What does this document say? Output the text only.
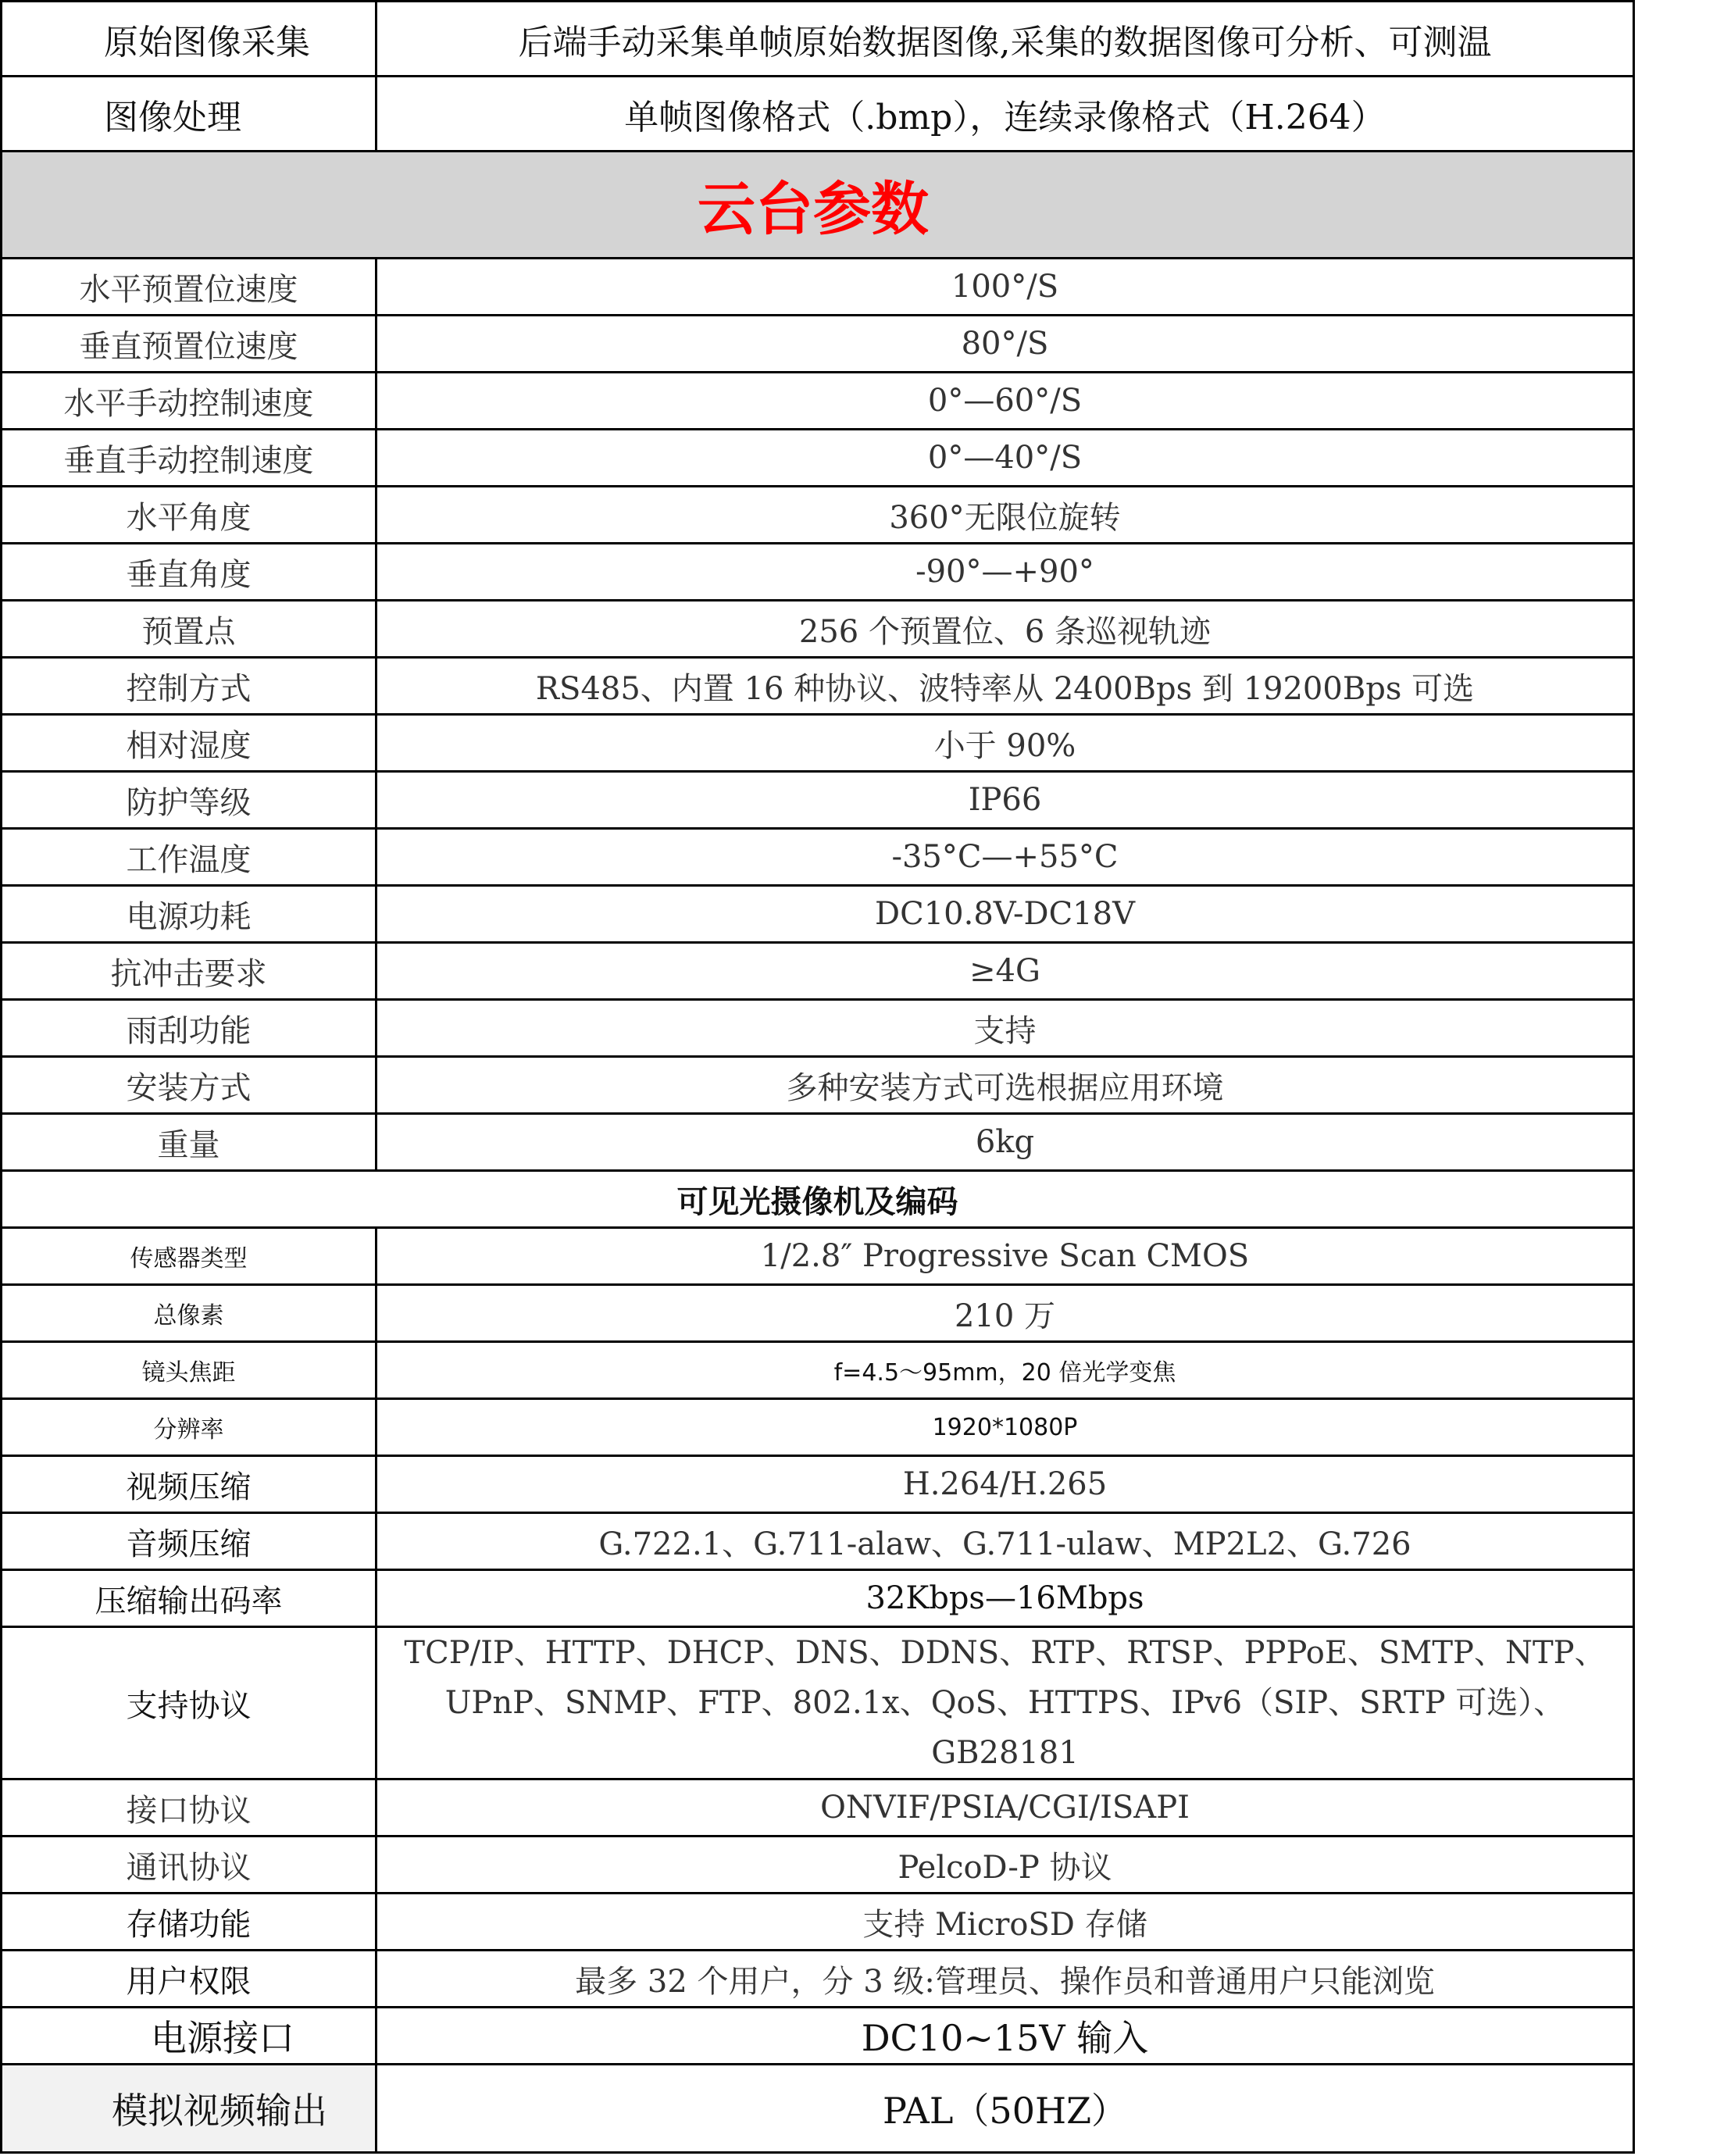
原始图像采集	后端手动采集单帧原始数据图像,采集的数据图像可分析、可测温
图像处理	单帧图像格式（.bmp），连续录像格式（H.264）
云台参数	
水平预置位速度	100°/S
垂直预置位速度	80°/S
水平手动控制速度	0°—60°/S
垂直手动控制速度	0°—40°/S
水平角度	360°无限位旋转
垂直角度	-90°—+90°
预置点	256 个预置位、6 条巡视轨迹
控制方式	RS485、内置 16 种协议、波特率从 2400Bps 到 19200Bps 可选
相对湿度	小于 90%
防护等级	IP66
工作温度	-35°C—+55°C
电源功耗	DC10.8V-DC18V
抗冲击要求	≥4G
雨刮功能	支持
安装方式	多种安装方式可选根据应用环境
重量	6kg
可见光摄像机及编码	
传感器类型	1/2.8″ Progressive Scan CMOS
总像素	210 万
镜头焦距	f=4.5～95mm，20 倍光学变焦
分辨率	1920*1080P
视频压缩	H.264/H.265
音频压缩	G.722.1、G.711-alaw、G.711-ulaw、MP2L2、G.726
压缩输出码率	32Kbps—16Mbps
支持协议	TCP/IP、HTTP、DHCP、DNS、DDNS、RTP、RTSP、PPPoE、SMTP、NTP、UPnP、SNMP、FTP、802.1x、QoS、HTTPS、IPv6（SIP、SRTP 可选）、GB28181
接口协议	ONVIF/PSIA/CGI/ISAPI
通讯协议	PelcoD-P 协议
存储功能	支持 MicroSD 存储
用户权限	最多 32 个用户，分 3 级:管理员、操作员和普通用户只能浏览
电源接口	DC10~15V 输入
模拟视频输出	PAL（50HZ）
